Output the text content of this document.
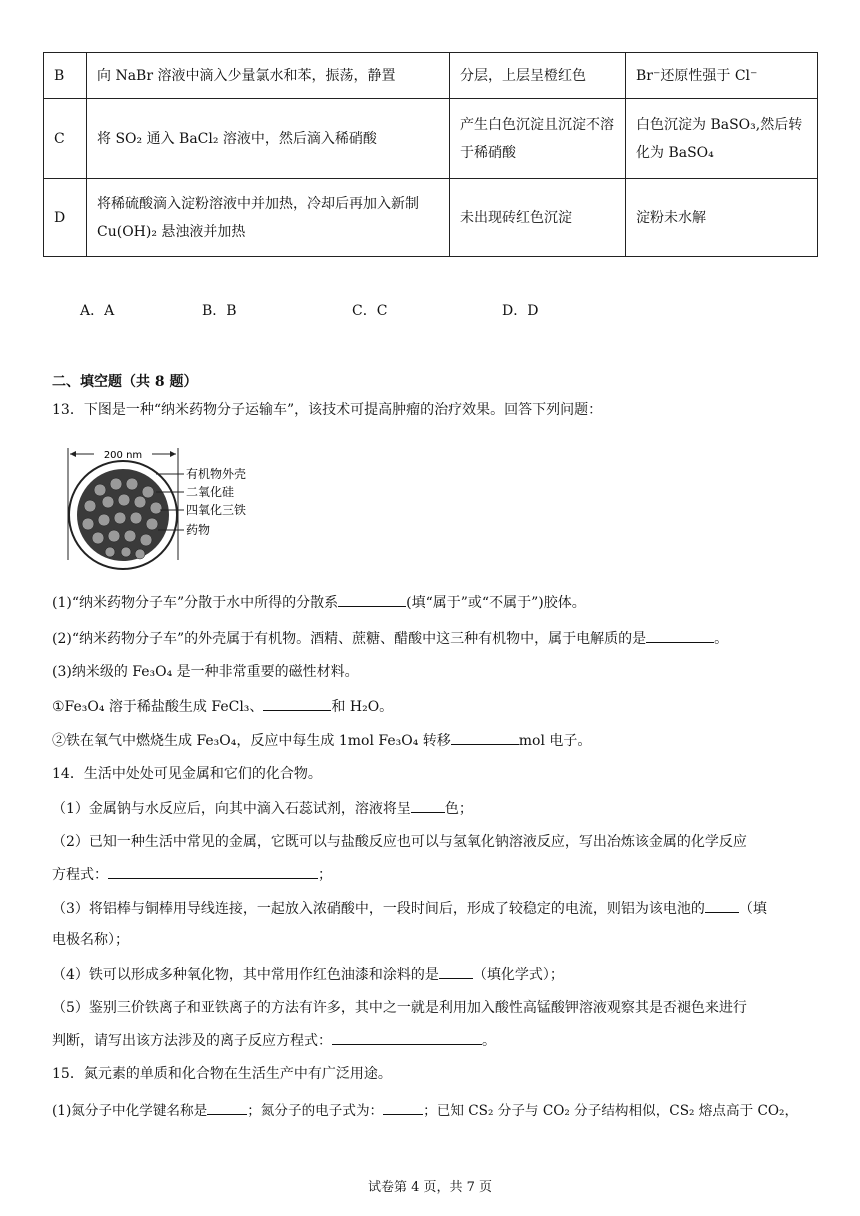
B	向 NaBr 溶液中滴入少量氯水和苯，振荡，静置	分层，上层呈橙红色	Br⁻还原性强于 Cl⁻
C	将 SO₂ 通入 BaCl₂ 溶液中，然后滴入稀硝酸	产生白色沉淀且沉淀不溶于稀硝酸	白色沉淀为 BaSO₃,然后转化为 BaSO₄
D	将稀硫酸滴入淀粉溶液中并加热，冷却后再加入新制 Cu(OH)₂ 悬浊液并加热	未出现砖红色沉淀	淀粉未水解
A．A	B．B	C．C	D．D
二、填空题（共 8 题）
13．下图是一种“纳米药物分子运输车”，该技术可提高肿瘤的治疗效果。回答下列问题：
200 nm
有机物外壳
二氧化硅
四氧化三铁
药物
(1)“纳米药物分子车”分散于水中所得的分散系	(填“属于”或“不属于”)胶体。
(2)“纳米药物分子车”的外壳属于有机物。酒精、蔗糖、醋酸中这三种有机物中，属于电解质的是	。
(3)纳米级的 Fe₃O₄ 是一种非常重要的磁性材料。
①Fe₃O₄ 溶于稀盐酸生成 FeCl₃、	和 H₂O。
②铁在氧气中燃烧生成 Fe₃O₄，反应中每生成 1mol Fe₃O₄ 转移	mol 电子。
14．生活中处处可见金属和它们的化合物。
（1）金属钠与水反应后，向其中滴入石蕊试剂，溶液将呈 色；
（2）已知一种生活中常见的金属，它既可以与盐酸反应也可以与氢氧化钠溶液反应，写出冶炼该金属的化学反应
方程式：	；
（3）将铝棒与铜棒用导线连接，一起放入浓硝酸中，一段时间后，形成了较稳定的电流，则铝为该电池的 （填
电极名称）；
（4）铁可以形成多种氧化物，其中常用作红色油漆和涂料的是 （填化学式）；
（5）鉴别三价铁离子和亚铁离子的方法有许多，其中之一就是利用加入酸性高锰酸钾溶液观察其是否褪色来进行
判断，请写出该方法涉及的离子反应方程式：	。
15．氮元素的单质和化合物在生活生产中有广泛用途。
(1)氮分子中化学键名称是	；氮分子的电子式为：	；已知 CS₂ 分子与 CO₂ 分子结构相似，CS₂ 熔点高于 CO₂，
试卷第 4 页，共 7 页
